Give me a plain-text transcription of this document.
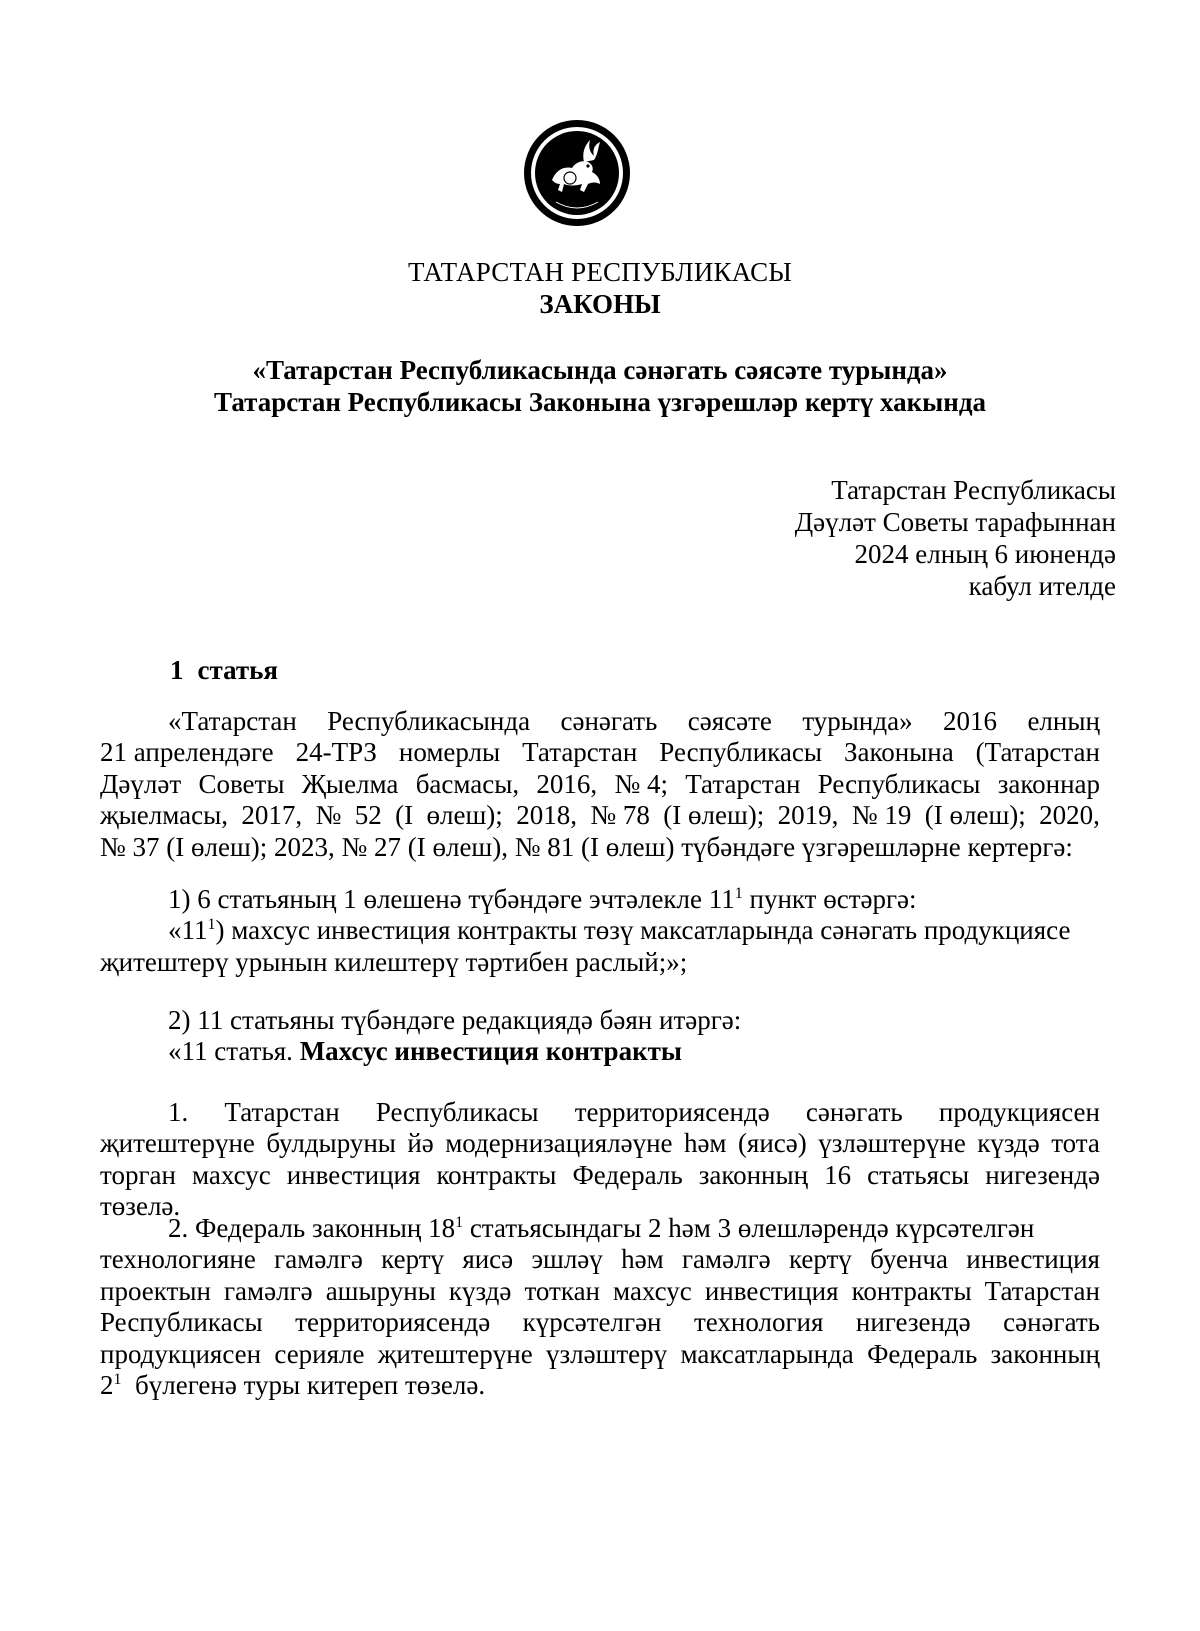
ТАТАРСТАН РЕСПУБЛИКАСЫ
ЗАКОНЫ
«Татарстан Республикасында сәнәгать сәясәте турында»
Татарстан Республикасы Законына үзгәрешләр кертү хакында
Татарстан Республикасы
Дәүләт Советы тарафыннан
2024 елның 6 июнендә
кабул ителде
1 статья
«Татарстан Республикасында сәнәгать сәясәте турында» 2016 елның
21 апрелендәге 24-ТРЗ номерлы Татарстан Республикасы Законына (Татарстан
Дәүләт Советы Җыелма басмасы, 2016, № 4; Татарстан Республикасы законнар
җыелмасы, 2017, № 52 (I өлеш); 2018, № 78 (I өлеш); 2019, № 19 (I өлеш); 2020,
№ 37 (I өлеш); 2023, № 27 (I өлеш), № 81 (I өлеш) түбәндәге үзгәрешләрне кертергә:
1) 6 статьяның 1 өлешенә түбәндәге эчтәлекле $11^1$ пункт өстәргә:
«$11^1$) махсус инвестиция контракты төзү максатларында сәнәгать продукциясе
җитештерү урынын килештерү тәртибен раслый;»;
2) 11 статьяны түбәндәге редакциядә бәян итәргә:
«11 статья. Махсус инвестиция контракты
1. Татарстан Республикасы территориясендә сәнәгать продукциясен
җитештерүне булдыруны йә модернизацияләүне һәм (яисә) үзләштерүне күздә тота
торган махсус инвестиция контракты Федераль законның 16 статьясы нигезендә
төзелә.
2. Федераль законның $18^1$ статьясындагы 2 һәм 3 өлешләрендә күрсәтелгән
технологияне гамәлгә кертү яисә эшләү һәм гамәлгә кертү буенча инвестиция
проектын гамәлгә ашыруны күздә тоткан махсус инвестиция контракты Татарстан
Республикасы территориясендә күрсәтелгән технология нигезендә сәнәгать
продукциясен серияле җитештерүне үзләштерү максатларында Федераль законның
$2^1$  бүлегенә туры китереп төзелә.
